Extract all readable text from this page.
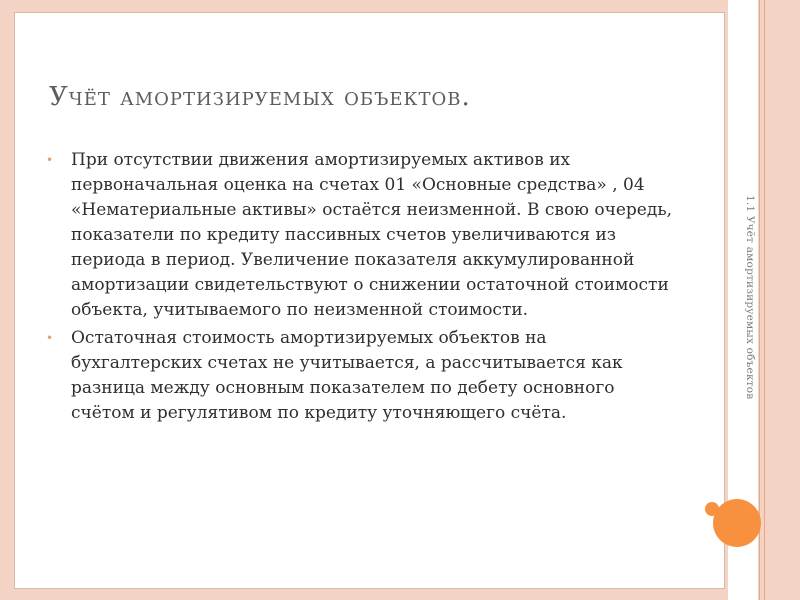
1.1 Учёт амортизируемых объектов
Учёт амортизируемых объектов.
• При отсутствии движения амортизируемых активов их первоначальная оценка на счетах 01 «Основные средства» , 04 «Нематериальные активы» остаётся неизменной. В свою очередь, показатели по кредиту пассивных счетов увеличиваются из периода в период. Увеличение показателя аккумулированной амортизации свидетельствуют о снижении остаточной стоимости объекта, учитываемого по неизменной стоимости.
• Остаточная стоимость амортизируемых объектов на бухгалтерских счетах не учитывается, а рассчитывается как разница между основным показателем по дебету основного счётом и регулятивом по кредиту уточняющего счёта.
